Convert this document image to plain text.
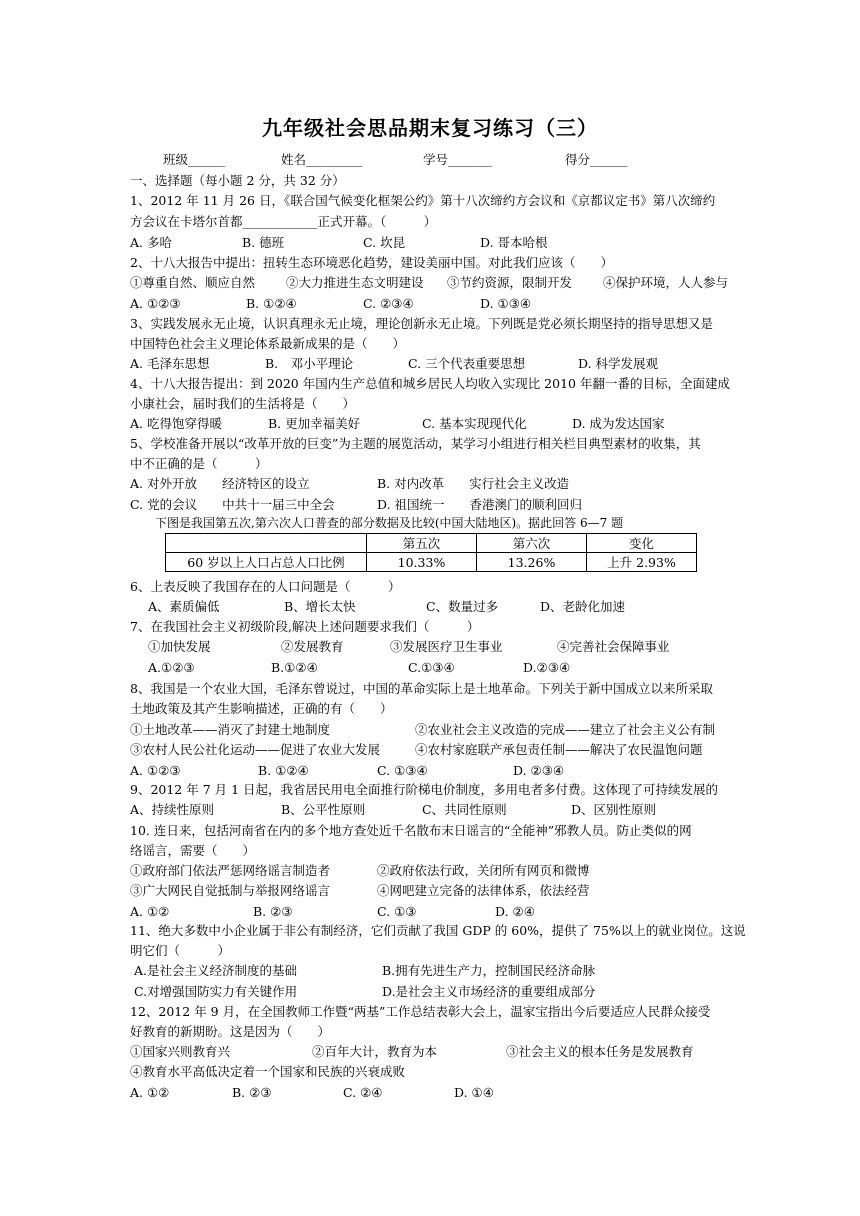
九年级社会思品期末复习练习（三）
班级______	姓名_________	学号_______	得分______
一、选择题（每小题 2 分，共 32 分）
1、2012 年 11 月 26 日，《联合国气候变化框架公约》第十八次缔约方会议和《京都议定书》第八次缔约
方会议在卡塔尔首都____________正式开幕。（　　　）
A. 多哈	B. 德班	C. 坎昆	D. 哥本哈根
2、十八大报告中提出：扭转生态环境恶化趋势，建设美丽中国。对此我们应该（　　）
①尊重自然、顺应自然 ②大力推进生态文明建设 ③节约资源，限制开发 ④保护环境，人人参与
A. ①②③	B. ①②④	C. ②③④	D. ①③④
3、实践发展永无止境，认识真理永无止境，理论创新永无止境。下列既是党必须长期坚持的指导思想又是
中国特色社会主义理论体系最新成果的是（　　）
A. 毛泽东思想	B.　邓小平理论	C. 三个代表重要思想	D. 科学发展观
4、十八大报告提出：到 2020 年国内生产总值和城乡居民人均收入实现比 2010 年翻一番的目标，全面建成
小康社会，届时我们的生活将是（　　）
A. 吃得饱穿得暖	B. 更加幸福美好	C. 基本实现现代化	D. 成为发达国家
5、学校准备开展以“改革开放的巨变”为主题的展览活动，某学习小组进行相关栏目典型素材的收集，其
中不正确的是（　　　）
A. 对外开放　　经济特区的设立	B. 对内改革　　实行社会主义改造
C. 党的会议　　中共十一届三中全会	D. 祖国统一　　香港澳门的顺利回归
下图是我国第五次,第六次人口普查的部分数据及比较(中国大陆地区)。据此回答 6—7 题
	第五次	第六次	变化
60 岁以上人口占总人口比例	10.33%	13.26%	上升 2.93%
6、上表反映了我国存在的人口问题是（　　　）
A、素质偏低	B、增长太快	C、数量过多	D、老龄化加速
7、在我国社会主义初级阶段,解决上述问题要求我们（　　　）
①加快发展	②发展教育	③发展医疗卫生事业	④完善社会保障事业
A.①②③	B.①②④	C.①③④	D.②③④
8、我国是一个农业大国，毛泽东曾说过，中国的革命实际上是土地革命。下列关于新中国成立以来所采取
土地政策及其产生影响描述，正确的有（　　）
①土地改革——消灭了封建土地制度	②农业社会主义改造的完成——建立了社会主义公有制
③农村人民公社化运动——促进了农业大发展	④农村家庭联产承包责任制——解决了农民温饱问题
A. ①②③	B. ①②④	C. ①③④	D. ②③④
9、2012 年 7 月 1 日起，我省居民用电全面推行阶梯电价制度，多用电者多付费。这体现了可持续发展的
A、持续性原则	B、公平性原则	C、共同性原则	D、区别性原则
10. 连日来，包括河南省在内的多个地方查处近千名散布末日谣言的“全能神”邪教人员。防止类似的网
络谣言，需要（　　）
①政府部门依法严惩网络谣言制造者	②政府依法行政，关闭所有网页和微博
③广大网民自觉抵制与举报网络谣言	④网吧建立完备的法律体系，依法经营
A. ①②	B. ②③	C. ①③	D. ②④
11、绝大多数中小企业属于非公有制经济，它们贡献了我国 GDP 的 60%，提供了 75%以上的就业岗位。这说
明它们（　　　）
A.是社会主义经济制度的基础	B.拥有先进生产力，控制国民经济命脉
C.对增强国防实力有关键作用	D.是社会主义市场经济的重要组成部分
12、2012 年 9 月，在全国教师工作暨“两基”工作总结表彰大会上，温家宝指出今后要适应人民群众接受
好教育的新期盼。这是因为（　　）
①国家兴则教育兴	②百年大计，教育为本	③社会主义的根本任务是发展教育
④教育水平高低决定着一个国家和民族的兴衰成败
A. ①②	B. ②③	C. ②④	D. ①④
